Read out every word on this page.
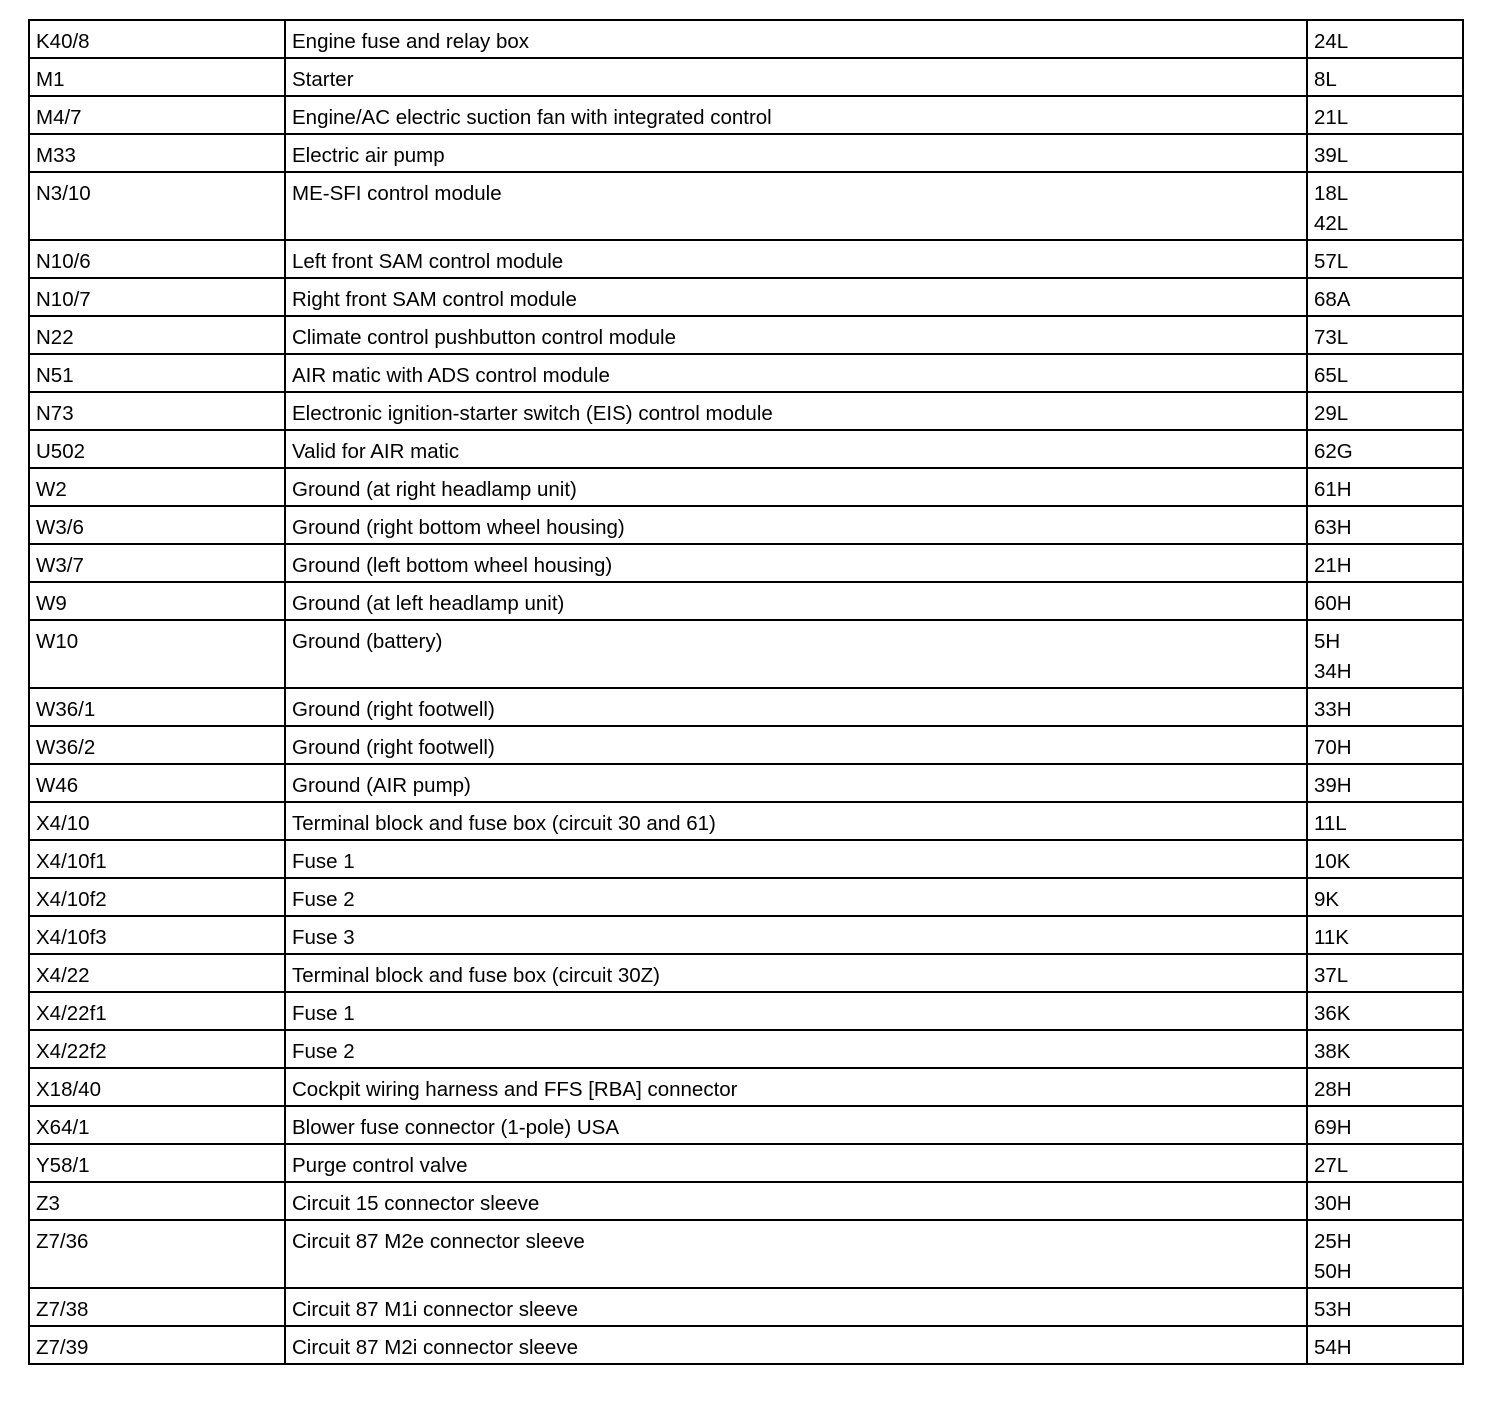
K40/8	Engine fuse and relay box	24L

M1	Starter	8L

M4/7	Engine/AC electric suction fan with integrated control	21L

M33	Electric air pump	39L

N3/10	ME-SFI control module	18L
42L

N10/6	Left front SAM control module	57L

N10/7	Right front SAM control module	68A

N22	Climate control pushbutton control module	73L

N51	AIR matic with ADS control module	65L

N73	Electronic ignition-starter switch (EIS) control module	29L

U502	Valid for AIR matic	62G

W2	Ground (at right headlamp unit)	61H

W3/6	Ground (right bottom wheel housing)	63H

W3/7	Ground (left bottom wheel housing)	21H

W9	Ground (at left headlamp unit)	60H

W10	Ground (battery)	5H
34H

W36/1	Ground (right footwell)	33H

W36/2	Ground (right footwell)	70H

W46	Ground (AIR pump)	39H

X4/10	Terminal block and fuse box (circuit 30 and 61)	11L

X4/10f1	Fuse 1	10K

X4/10f2	Fuse 2	9K

X4/10f3	Fuse 3	11K

X4/22	Terminal block and fuse box (circuit 30Z)	37L

X4/22f1	Fuse 1	36K

X4/22f2	Fuse 2	38K

X18/40	Cockpit wiring harness and FFS [RBA] connector	28H

X64/1	Blower fuse connector (1-pole) USA	69H

Y58/1	Purge control valve	27L

Z3	Circuit 15 connector sleeve	30H

Z7/36	Circuit 87 M2e connector sleeve	25H
50H

Z7/38	Circuit 87 M1i connector sleeve	53H

Z7/39	Circuit 87 M2i connector sleeve	54H
